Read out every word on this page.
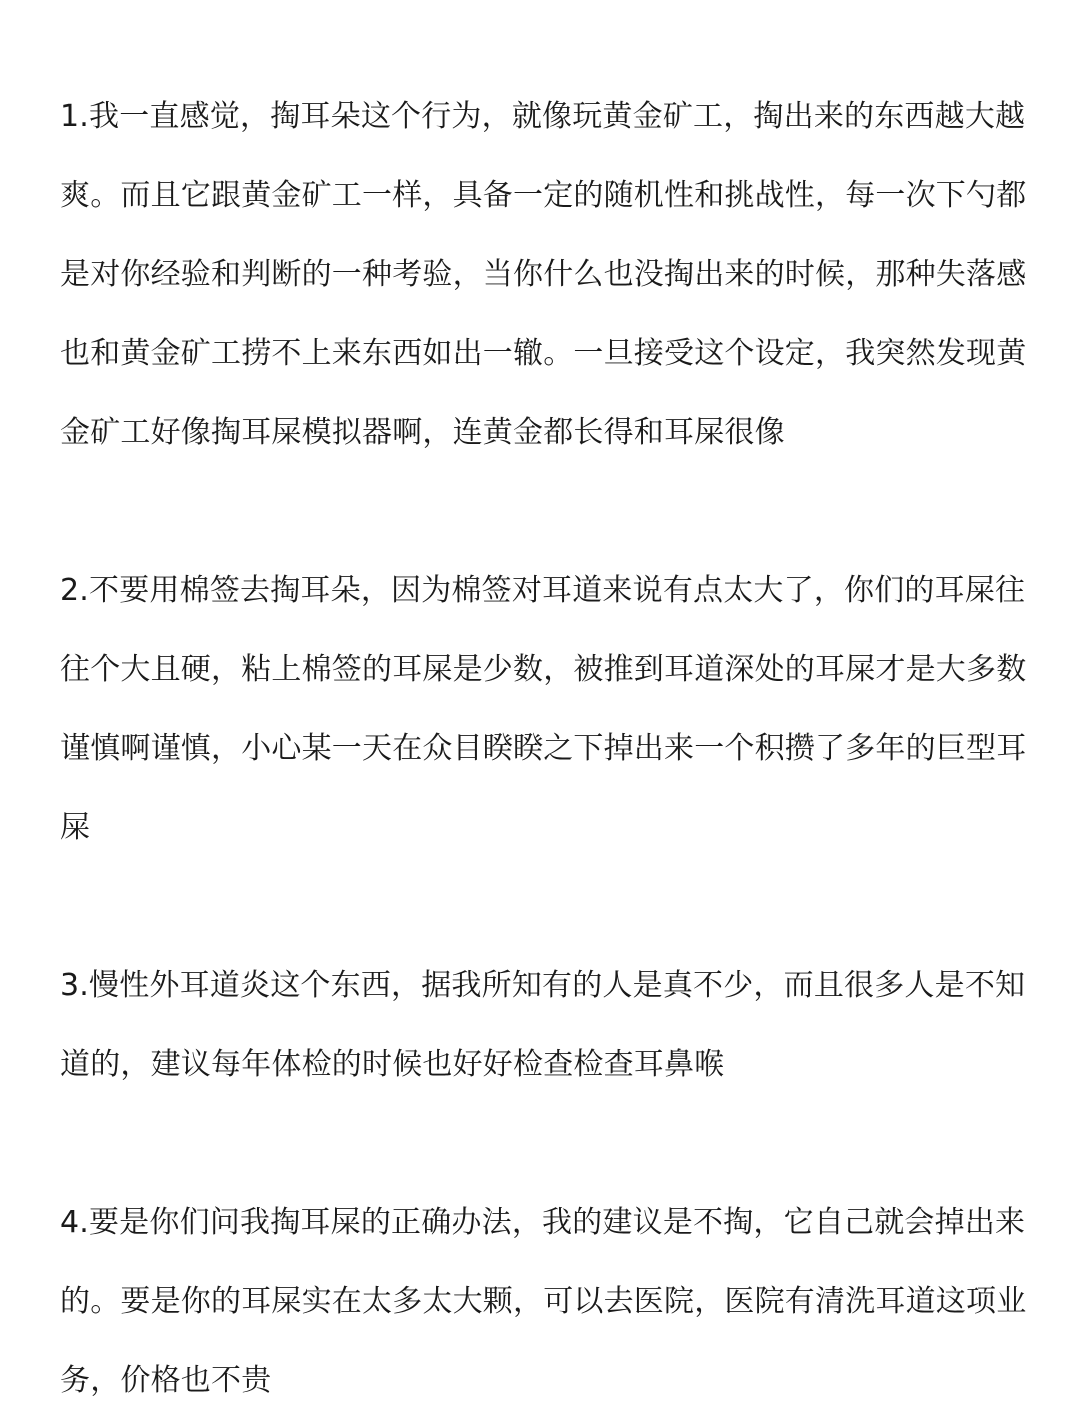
1.我一直感觉，掏耳朵这个行为，就像玩黄金矿工，掏出来的东西越大越
爽。而且它跟黄金矿工一样，具备一定的随机性和挑战性，每一次下勺都
是对你经验和判断的一种考验，当你什么也没掏出来的时候，那种失落感
也和黄金矿工捞不上来东西如出一辙。一旦接受这个设定，我突然发现黄
金矿工好像掏耳屎模拟器啊，连黄金都长得和耳屎很像
2.不要用棉签去掏耳朵，因为棉签对耳道来说有点太大了，你们的耳屎往
往个大且硬，粘上棉签的耳屎是少数，被推到耳道深处的耳屎才是大多数
谨慎啊谨慎，小心某一天在众目睽睽之下掉出来一个积攒了多年的巨型耳
屎
3.慢性外耳道炎这个东西，据我所知有的人是真不少，而且很多人是不知
道的，建议每年体检的时候也好好检查检查耳鼻喉
4.要是你们问我掏耳屎的正确办法，我的建议是不掏，它自己就会掉出来
的。要是你的耳屎实在太多太大颗，可以去医院，医院有清洗耳道这项业
务，价格也不贵
